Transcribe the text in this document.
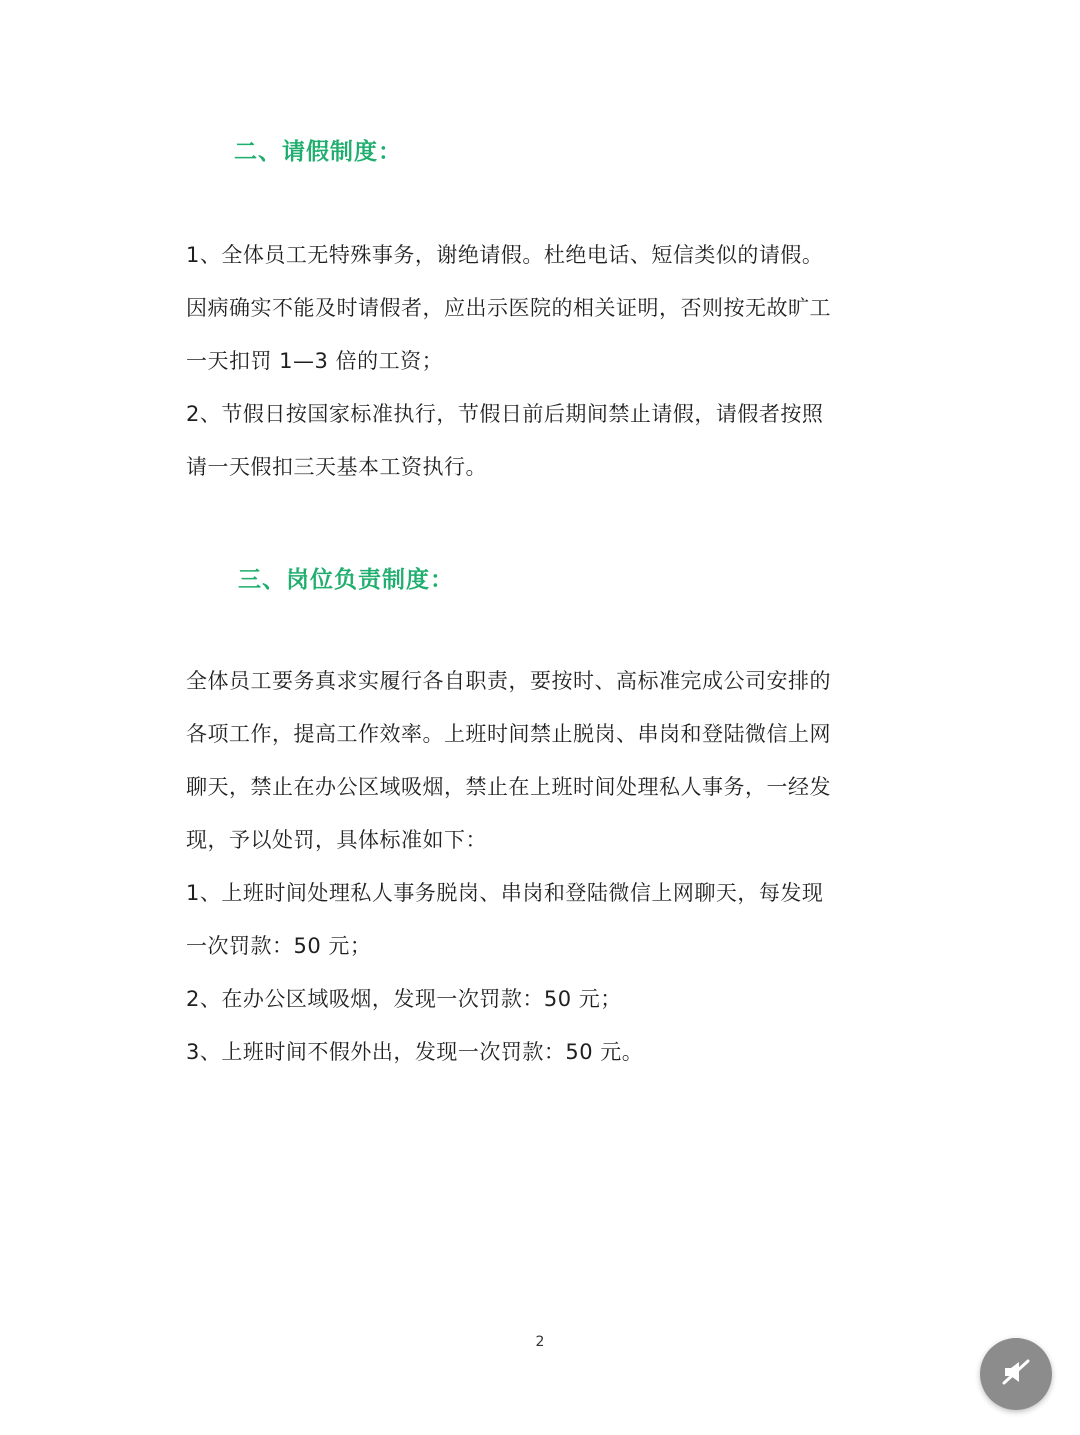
二、请假制度：
1、全体员工无特殊事务，谢绝请假。杜绝电话、短信类似的请假。
因病确实不能及时请假者，应出示医院的相关证明，否则按无故旷工
一天扣罚 1—3 倍的工资；
2、节假日按国家标准执行，节假日前后期间禁止请假，请假者按照
请一天假扣三天基本工资执行。
三、岗位负责制度：
全体员工要务真求实履行各自职责，要按时、高标准完成公司安排的
各项工作，提高工作效率。上班时间禁止脱岗、串岗和登陆微信上网
聊天，禁止在办公区域吸烟，禁止在上班时间处理私人事务，一经发
现，予以处罚，具体标准如下：
1、上班时间处理私人事务脱岗、串岗和登陆微信上网聊天，每发现
一次罚款：50 元；
2、在办公区域吸烟，发现一次罚款：50 元；
3、上班时间不假外出，发现一次罚款：50 元。
2
